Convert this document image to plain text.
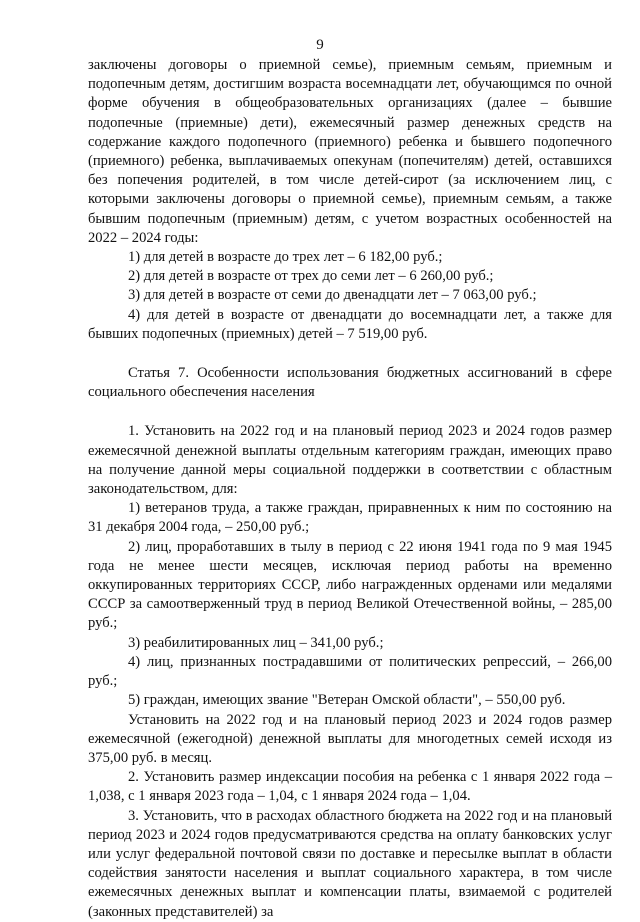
9

заключены договоры о приемной семье), приемным семьям, приемным и подопечным детям, достигшим возраста восемнадцати лет, обучающимся по очной форме обучения в общеобразовательных организациях (далее – бывшие подопечные (приемные) дети), ежемесячный размер денежных средств на содержание каждого подопечного (приемного) ребенка и бывшего подопечного (приемного) ребенка, выплачиваемых опекунам (попечителям) детей, оставшихся без попечения родителей, в том числе детей-сирот (за исключением лиц, с которыми заключены договоры о приемной семье), приемным семьям, а также бывшим подопечным (приемным) детям, с учетом возрастных особенностей на 2022 – 2024 годы:

1) для детей в возрасте до трех лет – 6 182,00 руб.;

2) для детей в возрасте от трех до семи лет – 6 260,00 руб.;

3) для детей в возрасте от семи до двенадцати лет – 7 063,00 руб.;

4) для детей в возрасте от двенадцати до восемнадцати лет, а также для бывших подопечных (приемных) детей – 7 519,00 руб.

Статья 7. Особенности использования бюджетных ассигнований в сфере социального обеспечения населения

1. Установить на 2022 год и на плановый период 2023 и 2024 годов размер ежемесячной денежной выплаты отдельным категориям граждан, имеющих право на получение данной меры социальной поддержки в соответствии с областным законодательством, для:

1) ветеранов труда, а также граждан, приравненных к ним по состоянию на 31 декабря 2004 года, – 250,00 руб.;

2) лиц, проработавших в тылу в период с 22 июня 1941 года по 9 мая 1945 года не менее шести месяцев, исключая период работы на временно оккупированных территориях СССР, либо награжденных орденами или медалями СССР за самоотверженный труд в период Великой Отечественной войны, – 285,00 руб.;

3) реабилитированных лиц – 341,00 руб.;

4) лиц, признанных пострадавшими от политических репрессий, – 266,00 руб.;

5) граждан, имеющих звание "Ветеран Омской области", – 550,00 руб.

Установить на 2022 год и на плановый период 2023 и 2024 годов размер ежемесячной (ежегодной) денежной выплаты для многодетных семей исходя из 375,00 руб. в месяц.

2. Установить размер индексации пособия на ребенка с 1 января 2022 года – 1,038, с 1 января 2023 года – 1,04, с 1 января 2024 года – 1,04.

3. Установить, что в расходах областного бюджета на 2022 год и на плановый период 2023 и 2024 годов предусматриваются средства на оплату банковских услуг или услуг федеральной почтовой связи по доставке и пересылке выплат в области содействия занятости населения и выплат социального характера, в том числе ежемесячных денежных выплат и компенсации платы, взимаемой с родителей (законных представителей) за
